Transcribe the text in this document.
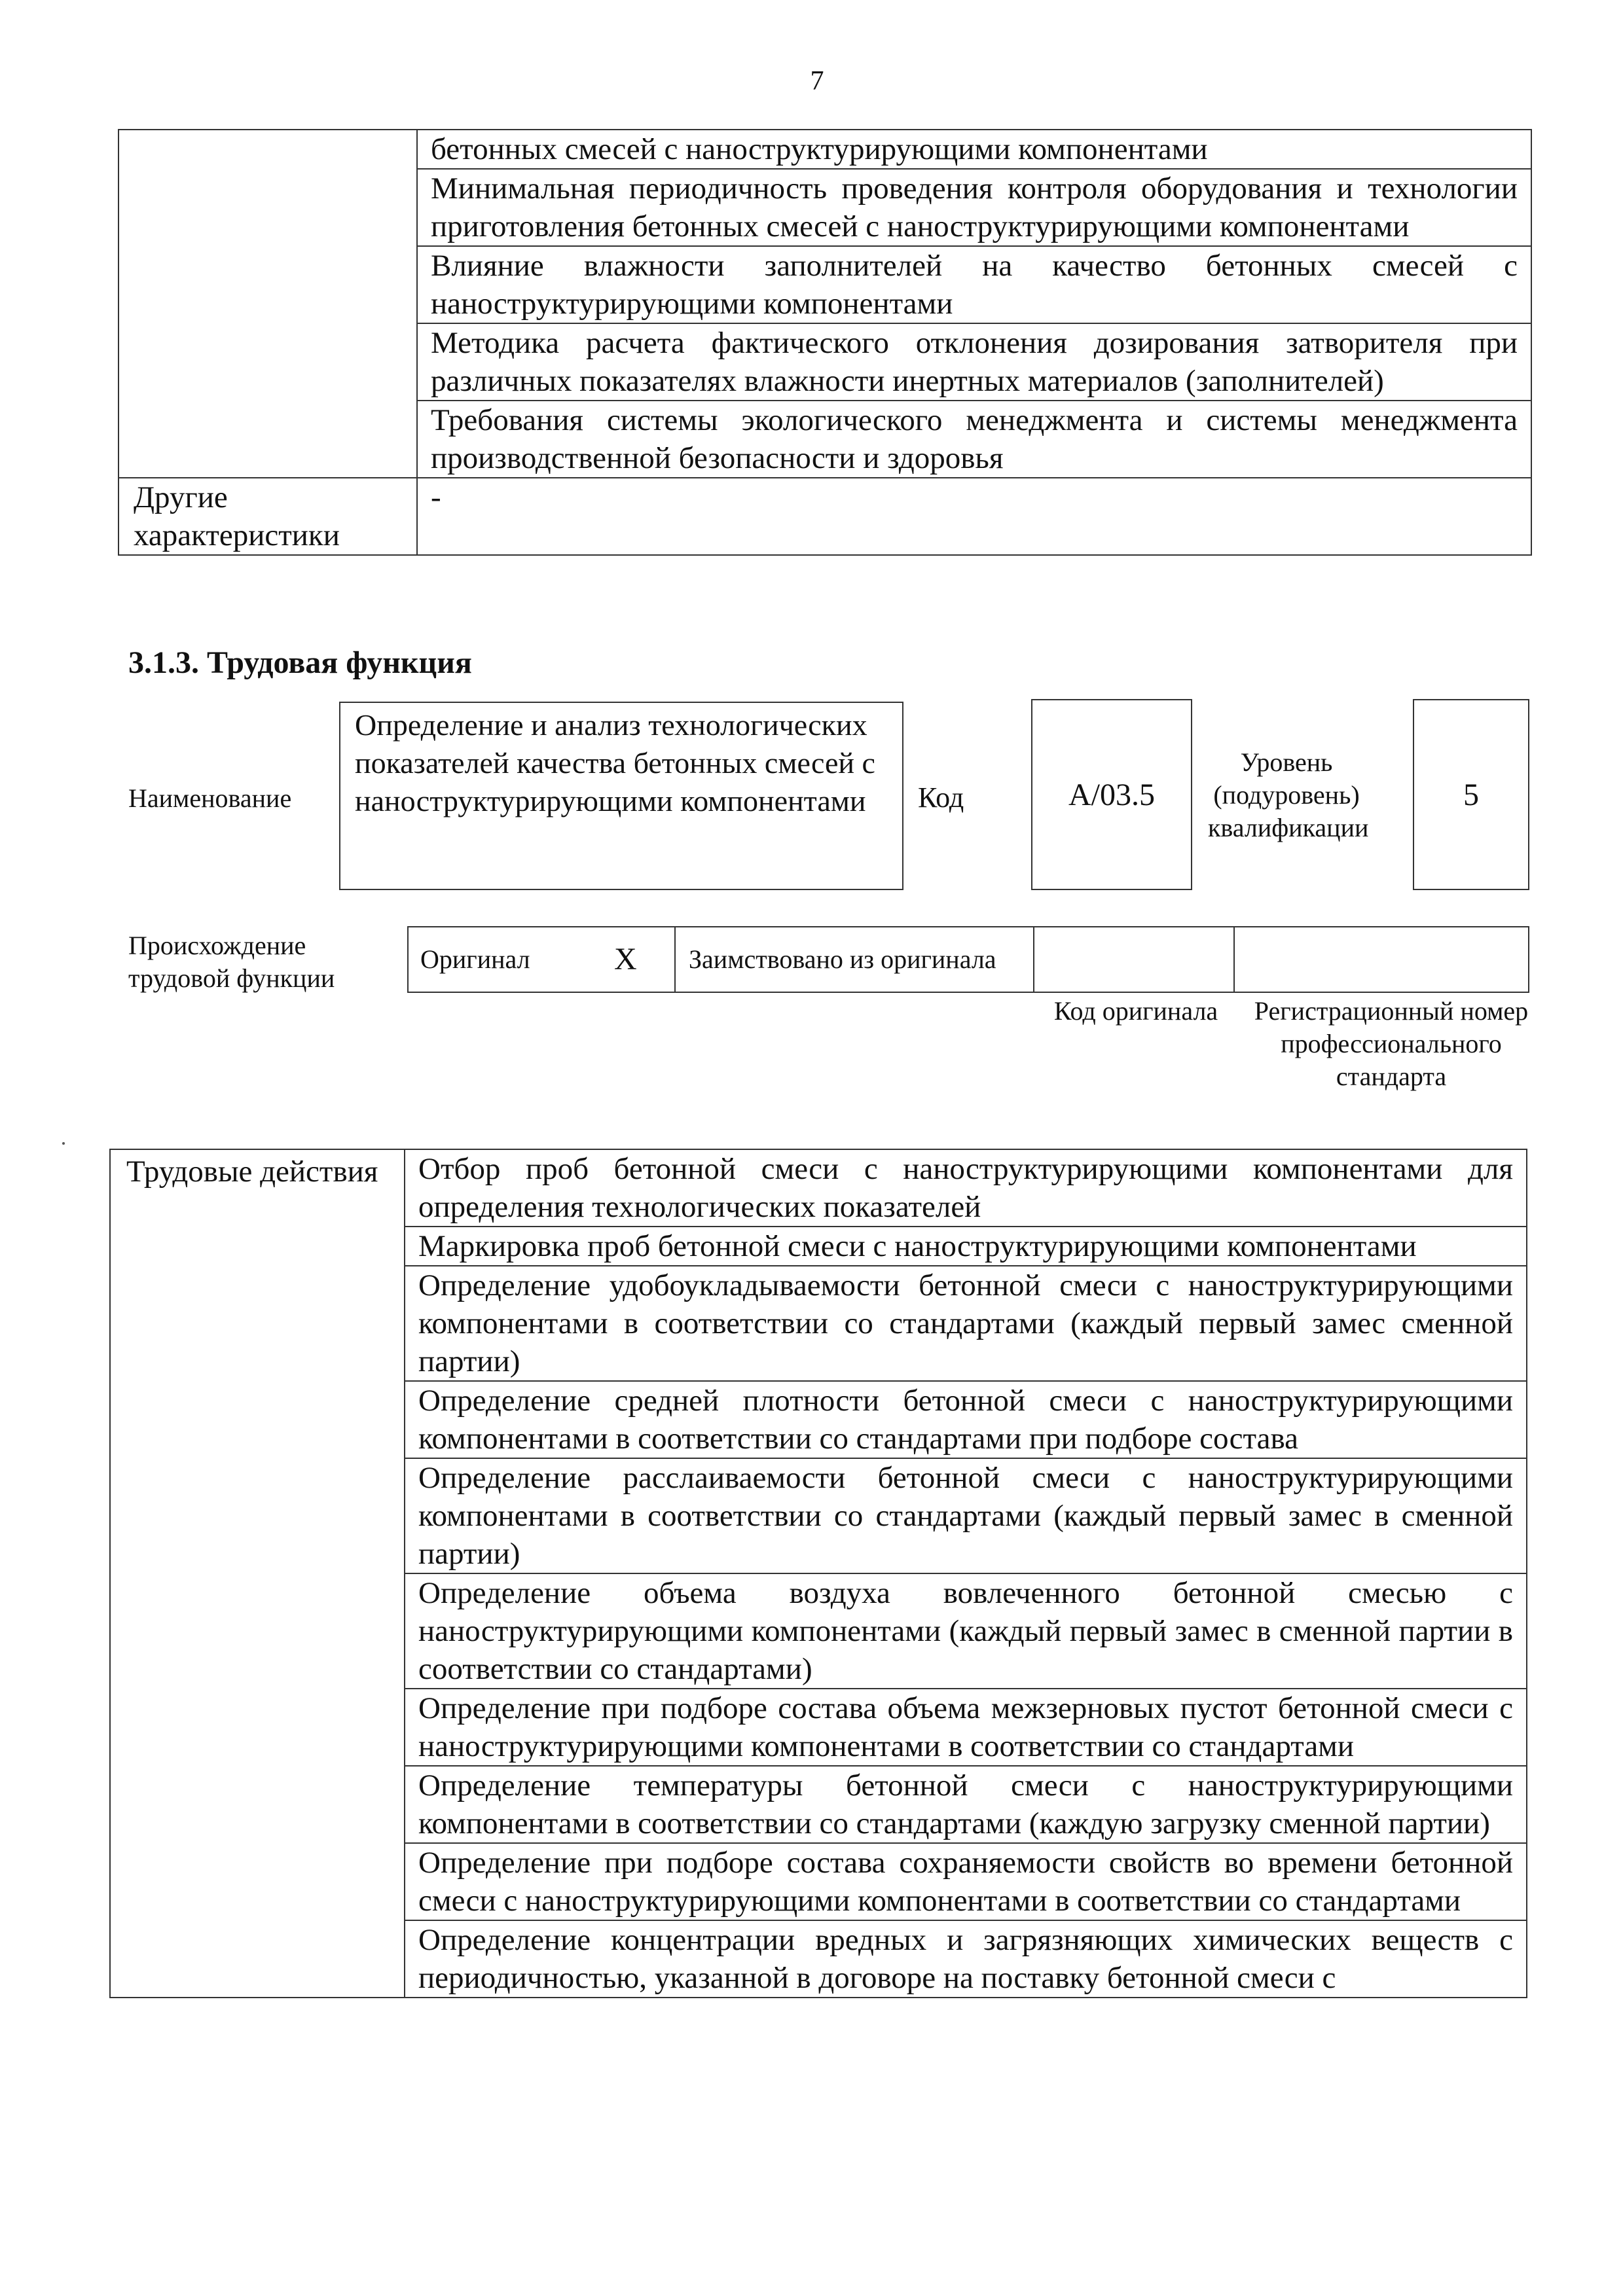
7
	бетонных смесей с наноструктурирующими компонентами
	Минимальная периодичность проведения контроля оборудования и технологии приготовления бетонных смесей с наноструктурирующими компонентами
	Влияние влажности заполнителей на качество бетонных смесей с наноструктурирующими компонентами
	Методика расчета фактического отклонения дозирования затворителя при различных показателях влажности инертных материалов (заполнителей)
	Требования системы экологического менеджмента и системы менеджмента производственной безопасности и здоровья
Другие характеристики	-
3.1.3. Трудовая функция
Наименование
Определение и анализ технологических показателей качества бетонных смесей с наноструктурирующими компонентами	Код	A/03.5
Уровень (подуровень) квалификации
5
Происхождение трудовой функции
Оригинал	X	Заимствовано из оригинала
Код оригинала	Регистрационный номер профессионального стандарта
Трудовые действия	Отбор проб бетонной смеси с наноструктурирующими компонентами для определения технологических показателей
Маркировка проб бетонной смеси с наноструктурирующими компонентами
Определение удобоукладываемости бетонной смеси с наноструктурирующими компонентами в соответствии со стандартами (каждый первый замес сменной партии)
Определение средней плотности бетонной смеси с наноструктурирующими компонентами в соответствии со стандартами при подборе состава
Определение расслаиваемости бетонной смеси с наноструктурирующими компонентами в соответствии со стандартами (каждый первый замес в сменной партии)
Определение объема воздуха вовлеченного бетонной смесью с наноструктурирующими компонентами (каждый первый замес в сменной партии в соответствии со стандартами)
Определение при подборе состава объема межзерновых пустот бетонной смеси с наноструктурирующими компонентами в соответствии со стандартами
Определение температуры бетонной смеси с наноструктурирующими компонентами в соответствии со стандартами (каждую загрузку сменной партии)
Определение при подборе состава сохраняемости свойств во времени бетонной смеси с наноструктурирующими компонентами в соответствии со стандартами
Определение концентрации вредных и загрязняющих химических веществ с периодичностью, указанной в договоре на поставку бетонной смеси с
